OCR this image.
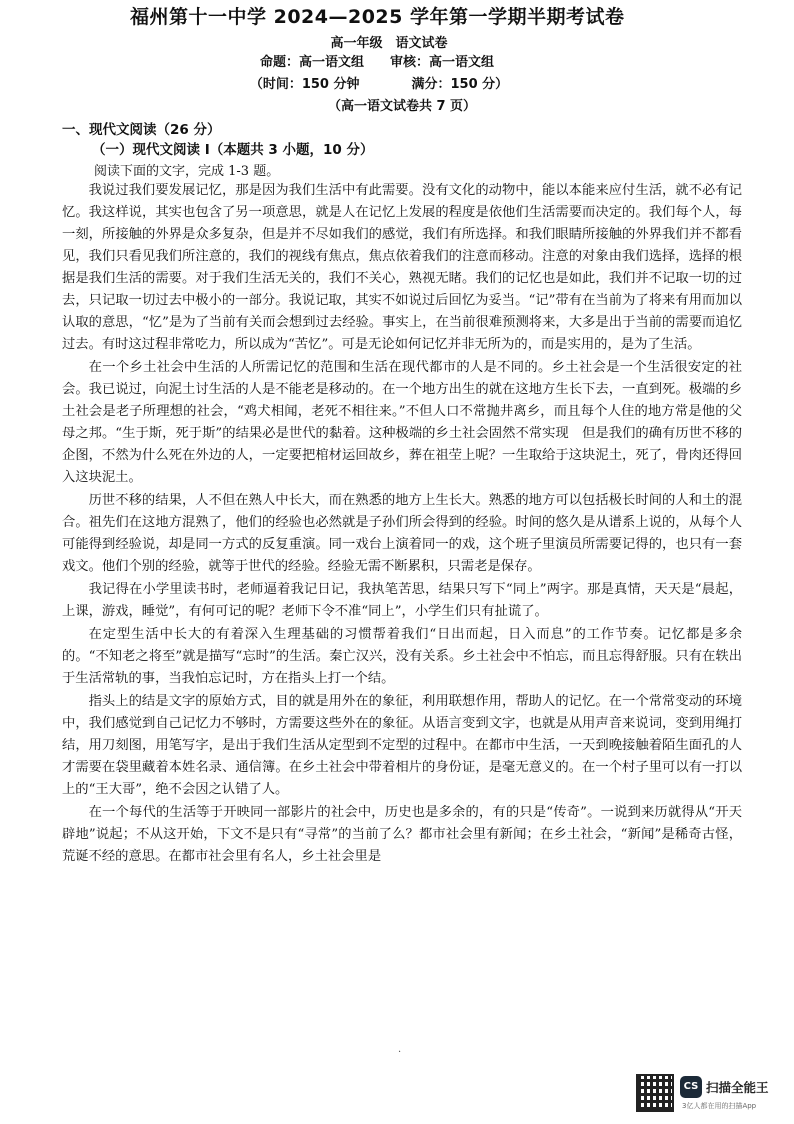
福州第十一中学 2024—2025 学年第一学期半期考试卷
高一年级　语文试卷
命题：高一语文组 审核：高一语文组
（时间：150 分钟	满分：150 分）
（高一语文试卷共 7 页）
一、现代文阅读（26 分）
（一）现代文阅读 I（本题共 3 小题，10 分）
阅读下面的文字，完成 1-3 题。

我说过我们要发展记忆，那是因为我们生活中有此需要。没有文化的动物中，能以本能来应付生活，就不必有记忆。我这样说，其实也包含了另一项意思，就是人在记忆上发展的程度是依他们生活需要而决定的。我们每个人，每一刻，所接触的外界是众多复杂，但是并不尽如我们的感觉，我们有所选择。和我们眼睛所接触的外界我们并不都看见，我们只看见我们所注意的，我们的视线有焦点，焦点依着我们的注意而移动。注意的对象由我们选择，选择的根据是我们生活的需要。对于我们生活无关的，我们不关心，熟视无睹。我们的记忆也是如此，我们并不记取一切的过去，只记取一切过去中极小的一部分。我说记取，其实不如说过后回忆为妥当。“记”带有在当前为了将来有用而加以认取的意思，“忆”是为了当前有关而会想到过去经验。事实上，在当前很难预测将来，大多是出于当前的需要而追忆过去。有时这过程非常吃力，所以成为“苦忆”。可是无论如何记忆并非无所为的，而是实用的，是为了生活。

在一个乡土社会中生活的人所需记忆的范围和生活在现代都市的人是不同的。乡土社会是一个生活很安定的社会。我已说过，向泥土讨生活的人是不能老是移动的。在一个地方出生的就在这地方生长下去，一直到死。极端的乡土社会是老子所理想的社会，“鸡犬相闻，老死不相往来。”不但人口不常抛井离乡，而且每个人住的地方常是他的父母之邦。“生于斯，死于斯”的结果必是世代的黏着。这种极端的乡土社会固然不常实现　但是我们的确有历世不移的企图，不然为什么死在外边的人，一定要把棺材运回故乡，葬在祖茔上呢？一生取给于这块泥土，死了，骨肉还得回入这块泥土。

历世不移的结果，人不但在熟人中长大，而在熟悉的地方上生长大。熟悉的地方可以包括极长时间的人和土的混合。祖先们在这地方混熟了，他们的经验也必然就是子孙们所会得到的经验。时间的悠久是从谱系上说的，从每个人可能得到经验说，却是同一方式的反复重演。同一戏台上演着同一的戏，这个班子里演员所需要记得的，也只有一套戏文。他们个别的经验，就等于世代的经验。经验无需不断累积，只需老是保存。

我记得在小学里读书时，老师逼着我记日记，我执笔苦思，结果只写下“同上”两字。那是真情，天天是“晨起，上课，游戏，睡觉”，有何可记的呢？老师下令不准“同上”，小学生们只有扯谎了。

在定型生活中长大的有着深入生理基础的习惯帮着我们“日出而起，日入而息”的工作节奏。记忆都是多余的。“不知老之将至”就是描写“忘时”的生活。秦亡汉兴，没有关系。乡土社会中不怕忘，而且忘得舒服。只有在轶出于生活常轨的事，当我怕忘记时，方在指头上打一个结。

指头上的结是文字的原始方式，目的就是用外在的象征，利用联想作用，帮助人的记忆。在一个常常变动的环境中，我们感觉到自己记忆力不够时，方需要这些外在的象征。从语言变到文字，也就是从用声音来说词，变到用绳打结，用刀刻图，用笔写字，是出于我们生活从定型到不定型的过程中。在都市中生活，一天到晚接触着陌生面孔的人才需要在袋里藏着本姓名录、通信簿。在乡土社会中带着相片的身份证，是毫无意义的。在一个村子里可以有一打以上的“王大哥”，绝不会因之认错了人。

在一个每代的生活等于开映同一部影片的社会中，历史也是多余的，有的只是“传奇”。一说到来历就得从“开天辟地”说起；不从这开始，下文不是只有“寻常”的当前了么？都市社会里有新闻；在乡土社会，“新闻”是稀奇古怪，荒诞不经的意思。在都市社会里有名人，乡土社会里是

·
CS 扫描全能王
3亿人都在用的扫描App
